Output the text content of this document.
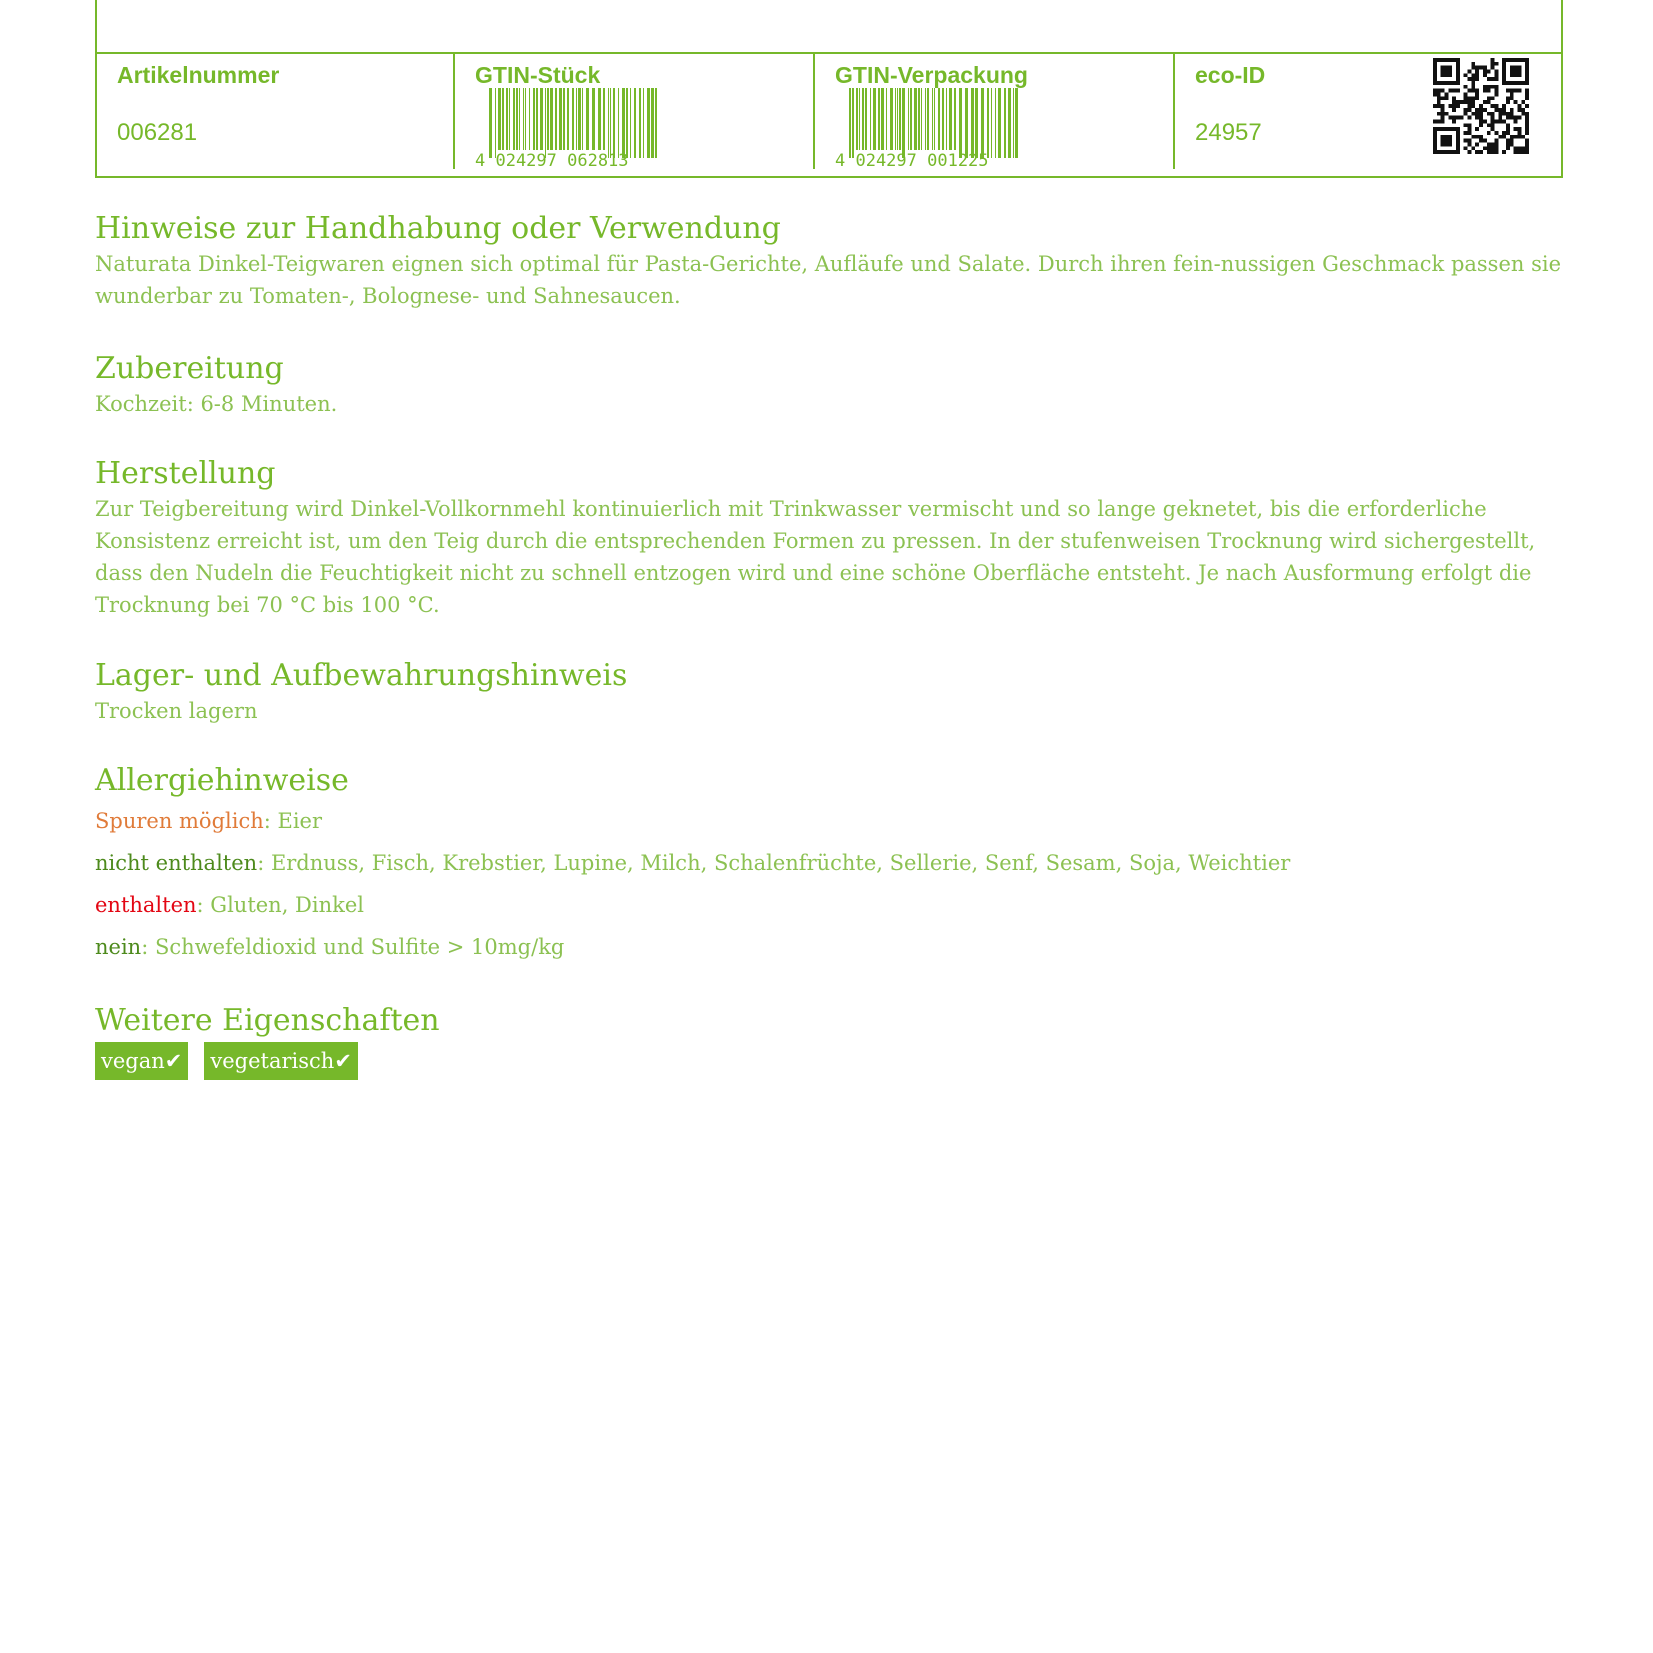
Artikelnummer
006281
GTIN-Stück
4 024297 062813
GTIN-Verpackung
4 024297 001225
eco-ID
24957
Hinweise zur Handhabung oder Verwendung

Naturata Dinkel-Teigwaren eignen sich optimal für Pasta-Gerichte, Aufläufe und Salate. Durch ihren fein-nussigen Geschmack passen sie wunderbar zu Tomaten-, Bolognese- und Sahnesaucen.

Zubereitung

Kochzeit: 6-8 Minuten.

Herstellung

Zur Teigbereitung wird Dinkel-Vollkornmehl kontinuierlich mit Trinkwasser vermischt und so lange geknetet, bis die erforderliche Konsistenz erreicht ist, um den Teig durch die entsprechenden Formen zu pressen. In der stufenweisen Trocknung wird sichergestellt, dass den Nudeln die Feuchtigkeit nicht zu schnell entzogen wird und eine schöne Oberfläche entsteht. Je nach Ausformung erfolgt die Trocknung bei 70 °C bis 100 °C.

Lager- und Aufbewahrungshinweis

Trocken lagern

Allergiehinweise
Spuren möglich: Eier
nicht enthalten: Erdnuss, Fisch, Krebstier, Lupine, Milch, Schalenfrüchte, Sellerie, Senf, Sesam, Soja, Weichtier
enthalten: Gluten, Dinkel
nein: Schwefeldioxid und Sulfite > 10mg/kg
Weitere Eigenschaften
vegan✔ vegetarisch✔
